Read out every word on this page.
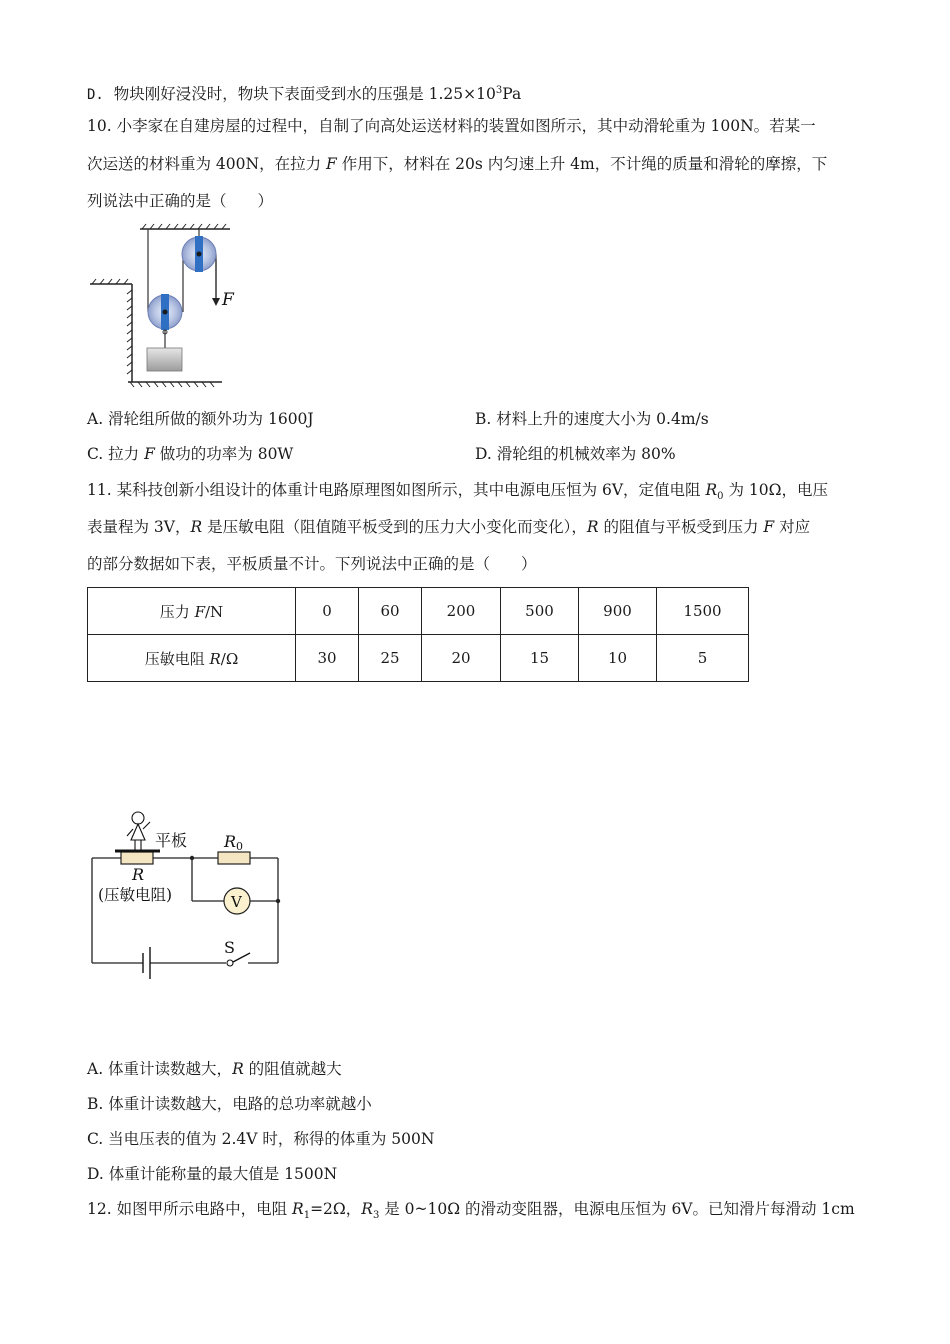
D. 物块刚好浸没时，物块下表面受到水的压强是 $1.25\times 10^3Pa$
10. 小李家在自建房屋的过程中，自制了向高处运送材料的装置如图所示，其中动滑轮重为 100N。若某一
次运送的材料重为 400N，在拉力 F 作用下，材料在 20s 内匀速上升 4m，不计绳的质量和滑轮的摩擦，下
列说法中正确的是（　　）
F
A. 滑轮组所做的额外功为 1600J	B. 材料上升的速度大小为 0.4m/s
C. 拉力 F 做功的功率为 80W	D. 滑轮组的机械效率为 80%
11. 某科技创新小组设计的体重计电路原理图如图所示，其中电源电压恒为 6V，定值电阻 $R_0$ 为 10Ω，电压
表量程为 3V，R 是压敏电阻（阻值随平板受到的压力大小变化而变化），R 的阻值与平板受到压力 F 对应
的部分数据如下表，平板质量不计。下列说法中正确的是（　　）
压力 F/N	0	60	200	500	900	1500
压敏电阻 R/Ω	30	25	20	15	10	5
平板 R0
R
(压敏电阻)	V
S
A. 体重计读数越大，R 的阻值就越大
B. 体重计读数越大，电路的总功率就越小
C. 当电压表的值为 2.4V 时，称得的体重为 500N
D. 体重计能称量的最大值是 1500N
12. 如图甲所示电路中，电阻 $R_1=2\Omega$，$R_3$ 是 0~10Ω 的滑动变阻器，电源电压恒为 6V。已知滑片每滑动 1cm
